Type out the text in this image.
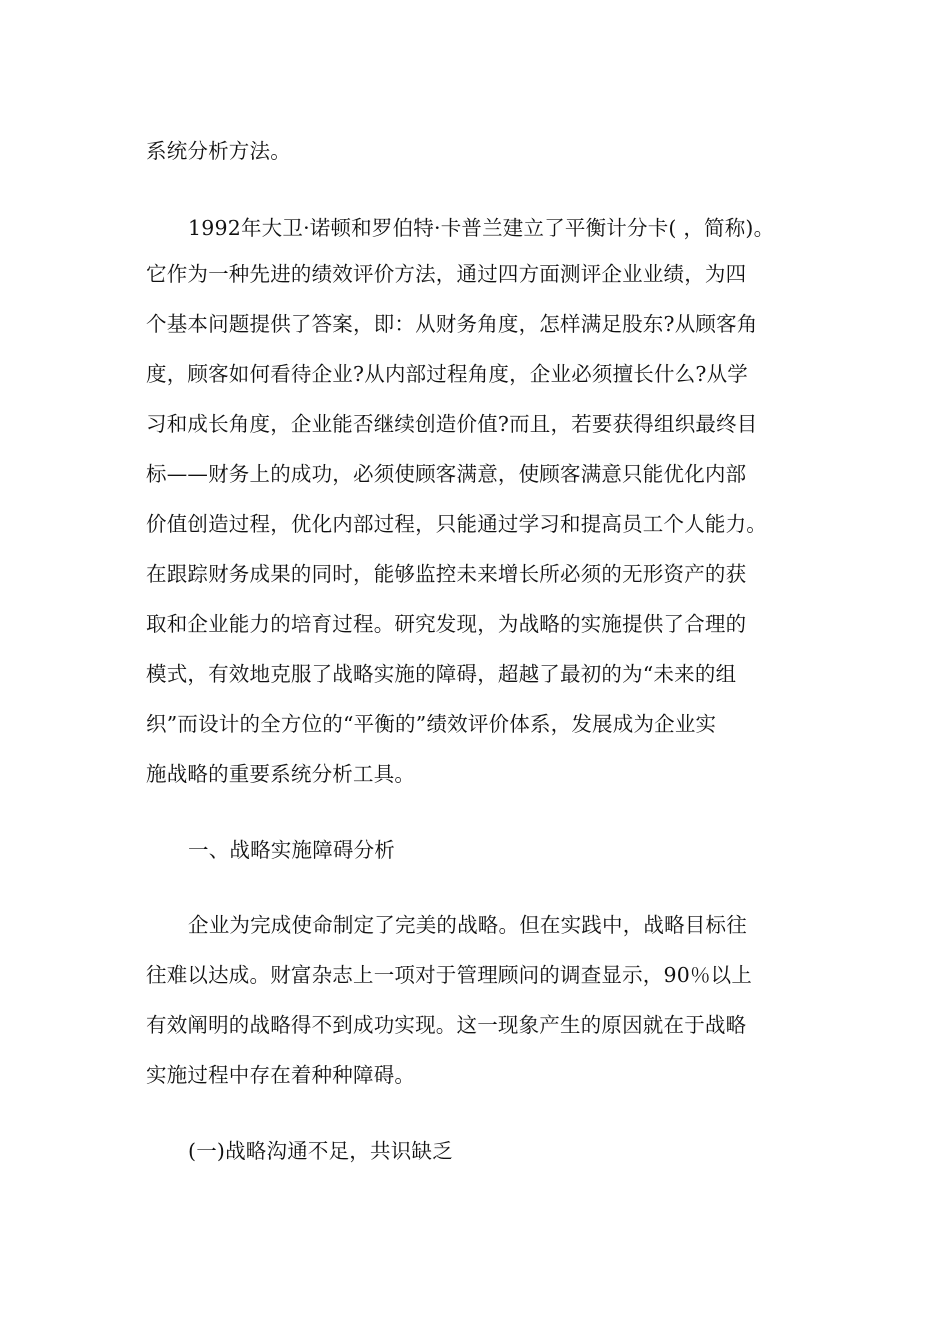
系统分析方法。
1992年大卫·诺顿和罗伯特·卡普兰建立了平衡计分卡( ，简称)。
它作为一种先进的绩效评价方法，通过四方面测评企业业绩，为四
个基本问题提供了答案，即：从财务角度，怎样满足股东?从顾客角
度，顾客如何看待企业?从内部过程角度，企业必须擅长什么?从学
习和成长角度，企业能否继续创造价值?而且，若要获得组织最终目
标——财务上的成功，必须使顾客满意，使顾客满意只能优化内部
价值创造过程，优化内部过程，只能通过学习和提高员工个人能力。
在跟踪财务成果的同时，能够监控未来增长所必须的无形资产的获
取和企业能力的培育过程。研究发现，为战略的实施提供了合理的
模式，有效地克服了战略实施的障碍，超越了最初的为“未来的组
织”而设计的全方位的“平衡的”绩效评价体系，发展成为企业实
施战略的重要系统分析工具。
一、战略实施障碍分析
企业为完成使命制定了完美的战略。但在实践中，战略目标往
往难以达成。财富杂志上一项对于管理顾问的调查显示，90％以上
有效阐明的战略得不到成功实现。这一现象产生的原因就在于战略
实施过程中存在着种种障碍。
(一)战略沟通不足，共识缺乏
